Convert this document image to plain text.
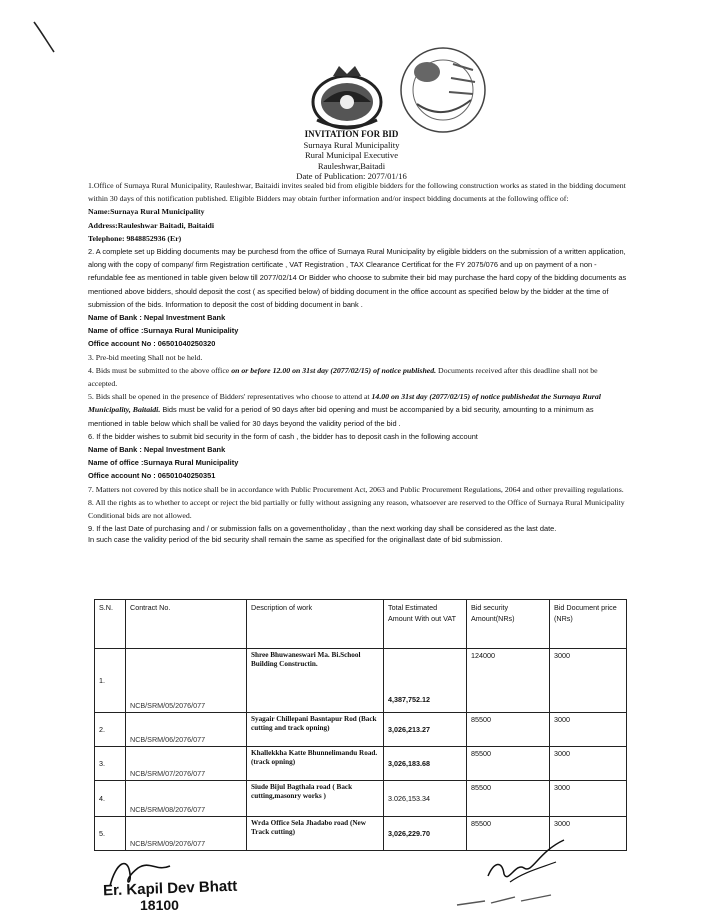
INVITATION FOR BID
Surnaya Rural Municipality
Rural Municipal Executive
Rauleshwar,Baitadi
Date of Publication: 2077/01/16

1.Office of Surnaya Rural Municipality, Rauleshwar, Baitaidi invites sealed bid from eligible bidders for the following construction works as stated in the bidding document within 30 days of this notification published. Eligible Bidders may obtain further information and/or inspect bidding documents at the following office of:

Name:Surnaya Rural Municipality

Address:Rauleshwar Baitadi, Baitaidi

Telephone: 9848852936 (Er)

2. A complete set up Bidding documents may be purchesd from the office of Surnaya Rural Municipality by eligible bidders on the submission of a written application, along with the copy of company/ firm Registration certificate , VAT Registration , TAX Clearance Certificat for the FY 2075/076 and up on payment of a non -refundable fee as mentioned in table given below till 2077/02/14 Or Bidder who choose to submite their bid may purchase the hard copy of the bidding documents as mentioned above bidders, should deposit the cost ( as specified below) of bidding document in the office account as specified below by the bidder at the time of submission of the bids. Information to deposit the cost of bidding document in bank .

Name of Bank : Nepal Investment Bank

Name of office :Surnaya Rural Municipality

Office account No : 06501040250320

3. Pre-bid meeting Shall not be held.

4. Bids must be submitted to the above office on or before 12.00 on 31st day (2077/02/15) of notice published. Documents received after this deadline shall not be accepted.

5. Bids shall be opened in the presence of Bidders' representatives who choose to attend at 14.00 on 31st day (2077/02/15) of notice publishedat the Surnaya Rural Municipality, Baitaidi. Bids must be valid for a period of 90 days after bid opening and must be accompanied by a bid security, amounting to a minimum as mentioned in table below which shall be valied for 30 days beyond the validity period of the bid .

6. If the bidder wishes to submit bid security in the form of cash , the bidder has to deposit cash in the following account

Name of Bank : Nepal Investment Bank

Name of office :Surnaya Rural Municipality

Office account No : 06501040250351

7. Matters not covered by this notice shall be in accordance with Public Procurement Act, 2063 and Public Procurement Regulations, 2064 and other prevailing regulations.

8. All the rights as to whether to accept or reject the bid partially or fully without assigning any reason, whatsoever are reserved to the Office of Surnaya Rural Municipality Conditional bids are not allowed.

9. If the last Date of purchasing and / or submission falls on a govementholiday , than the next working day shall be considered as the last date.

In such case the validity period of the bid security shall remain the same as specified for the originallast date of bid submission.

S.N.	Contract No.	Description of work	Total Estimated Amount With out VAT	Bid security Amount(NRs)	Bid Document price (NRs)
1.	NCB/SRM/05/2076/077	Shree Bhuwaneswari Ma. Bi.School Building Constructin.	4,387,752.12	124000	3000
2.	NCB/SRM/06/2076/077	Syagair Chillepani Basntapur Rod (Back cutting and track opning)	3,026,213.27	85500	3000
3.	NCB/SRM/07/2076/077	Khallekkha Katte Bhunnelimandu Road.(track opning)	3,026,183.68	85500	3000
4.	NCB/SRM/08/2076/077	Siude Bijul Bagthala road ( Back cutting,masonry works )	3.026,153.34	85500	3000
5.	NCB/SRM/09/2076/077	Wrda Office Sela Jhadabo road (New Track cutting)	3,026,229.70	85500	3000
Er. Kapil Dev Bhatt
18100
